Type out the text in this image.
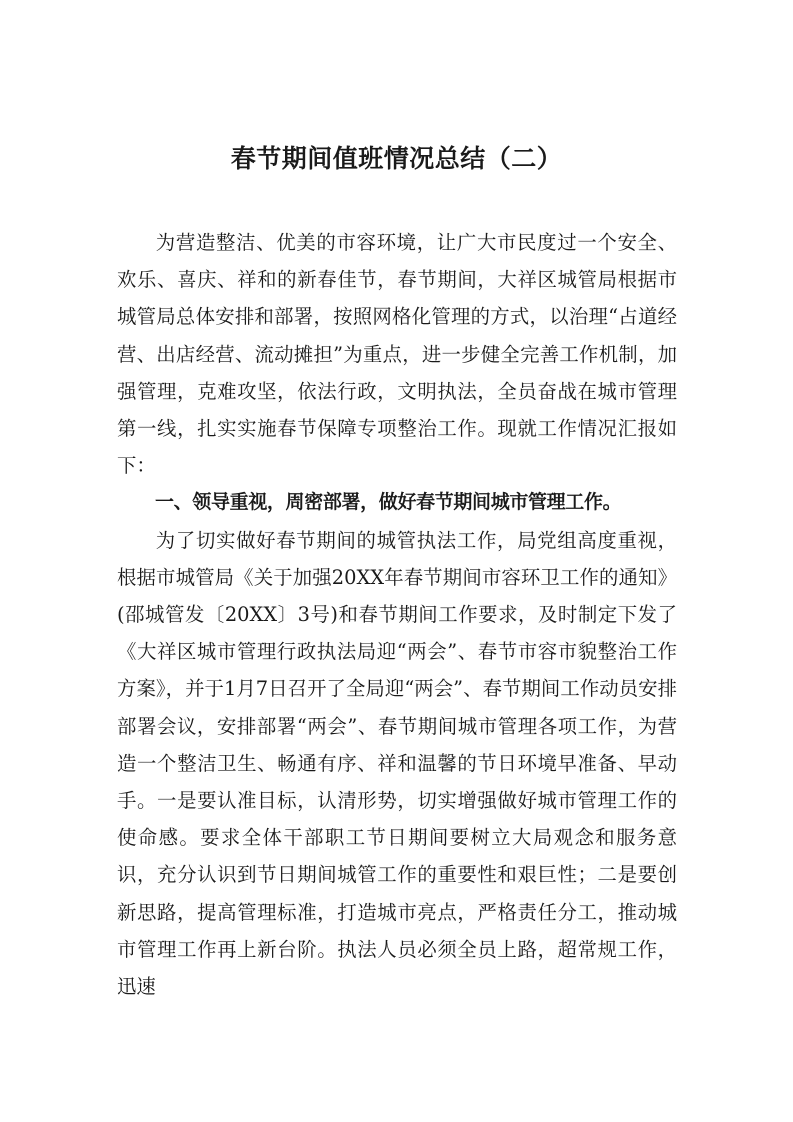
春节期间值班情况总结（二）

为营造整洁、优美的市容环境，让广大市民度过一个安全、欢乐、喜庆、祥和的新春佳节，春节期间，大祥区城管局根据市城管局总体安排和部署，按照网格化管理的方式，以治理“占道经营、出店经营、流动摊担”为重点，进一步健全完善工作机制，加强管理，克难攻坚，依法行政，文明执法，全员奋战在城市管理第一线，扎实实施春节保障专项整治工作。现就工作情况汇报如下：

一、领导重视，周密部署，做好春节期间城市管理工作。

为了切实做好春节期间的城管执法工作，局党组高度重视，根据市城管局《关于加强20XX年春节期间市容环卫工作的通知》(邵城管发〔20XX〕3号)和春节期间工作要求，及时制定下发了《大祥区城市管理行政执法局迎“两会”、春节市容市貌整治工作方案》，并于1月7日召开了全局迎“两会”、春节期间工作动员安排部署会议，安排部署“两会”、春节期间城市管理各项工作，为营造一个整洁卫生、畅通有序、祥和温馨的节日环境早准备、早动手。一是要认准目标，认清形势，切实增强做好城市管理工作的使命感。要求全体干部职工节日期间要树立大局观念和服务意识，充分认识到节日期间城管工作的重要性和艰巨性；二是要创新思路，提高管理标准，打造城市亮点，严格责任分工，推动城市管理工作再上新台阶。执法人员必须全员上路，超常规工作，迅速
